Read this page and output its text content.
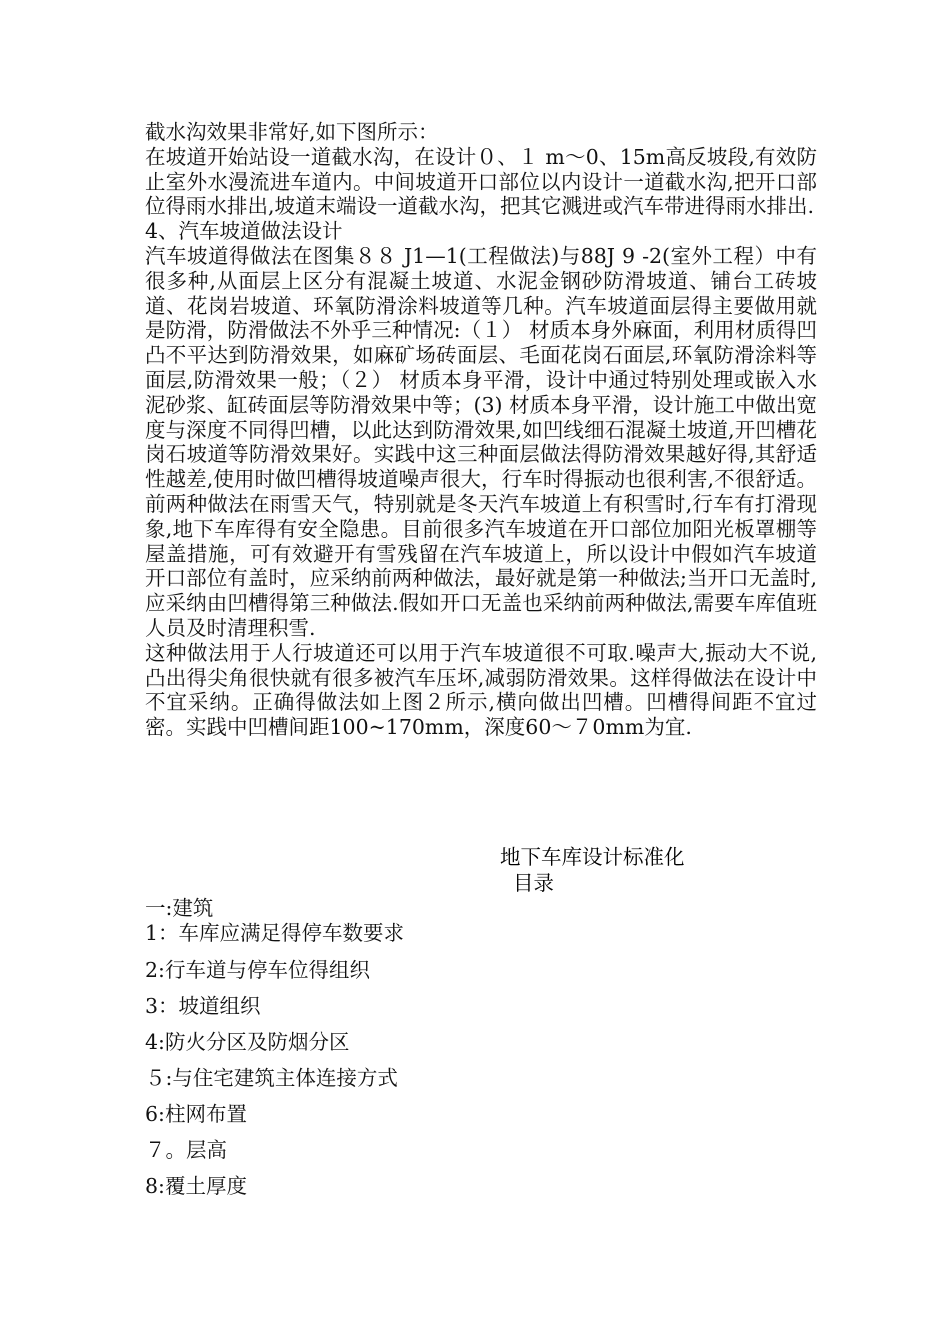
截水沟效果非常好,如下图所示：

在坡道开始站设一道截水沟，在设计０、１ m～0、15m高反坡段,有效防止室外水漫流进车道内。中间坡道开口部位以内设计一道截水沟,把开口部位得雨水排出,坡道末端设一道截水沟，把其它溅进或汽车带进得雨水排出.

4、汽车坡道做法设计

汽车坡道得做法在图集８８ J1—1(工程做法)与88J 9 -2(室外工程）中有很多种,从面层上区分有混凝土坡道、水泥金钢砂防滑坡道、铺台工砖坡道、花岗岩坡道、环氧防滑涂料坡道等几种。汽车坡道面层得主要做用就是防滑，防滑做法不外乎三种情况:（１） 材质本身外麻面，利用材质得凹凸不平达到防滑效果，如麻矿场砖面层、毛面花岗石面层,环氧防滑涂料等面层,防滑效果一般；（２） 材质本身平滑，设计中通过特别处理或嵌入水泥砂浆、缸砖面层等防滑效果中等；(3) 材质本身平滑，设计施工中做出宽度与深度不同得凹槽，以此达到防滑效果,如凹线细石混凝土坡道,开凹槽花岗石坡道等防滑效果好。实践中这三种面层做法得防滑效果越好得,其舒适性越差,使用时做凹槽得坡道噪声很大，行车时得振动也很利害,不很舒适。前两种做法在雨雪天气，特别就是冬天汽车坡道上有积雪时,行车有打滑现象,地下车库得有安全隐患。目前很多汽车坡道在开口部位加阳光板罩棚等屋盖措施，可有效避开有雪残留在汽车坡道上，所以设计中假如汽车坡道开口部位有盖时，应采纳前两种做法，最好就是第一种做法;当开口无盖时,应采纳由凹槽得第三种做法.假如开口无盖也采纳前两种做法,需要车库值班人员及时清理积雪.

这种做法用于人行坡道还可以用于汽车坡道很不可取.噪声大,振动大不说,凸出得尖角很快就有很多被汽车压坏,减弱防滑效果。这样得做法在设计中不宜采纳。正确得做法如上图２所示,横向做出凹槽。凹槽得间距不宜过密。实践中凹槽间距100~170mm，深度60～７0mm为宜.

地下车库设计标准化
目录
一:建筑
1：车库应满足得停车数要求
2:行车道与停车位得组织
3：坡道组织
4:防火分区及防烟分区
５:与住宅建筑主体连接方式
6:柱网布置
７。层高
8:覆土厚度
